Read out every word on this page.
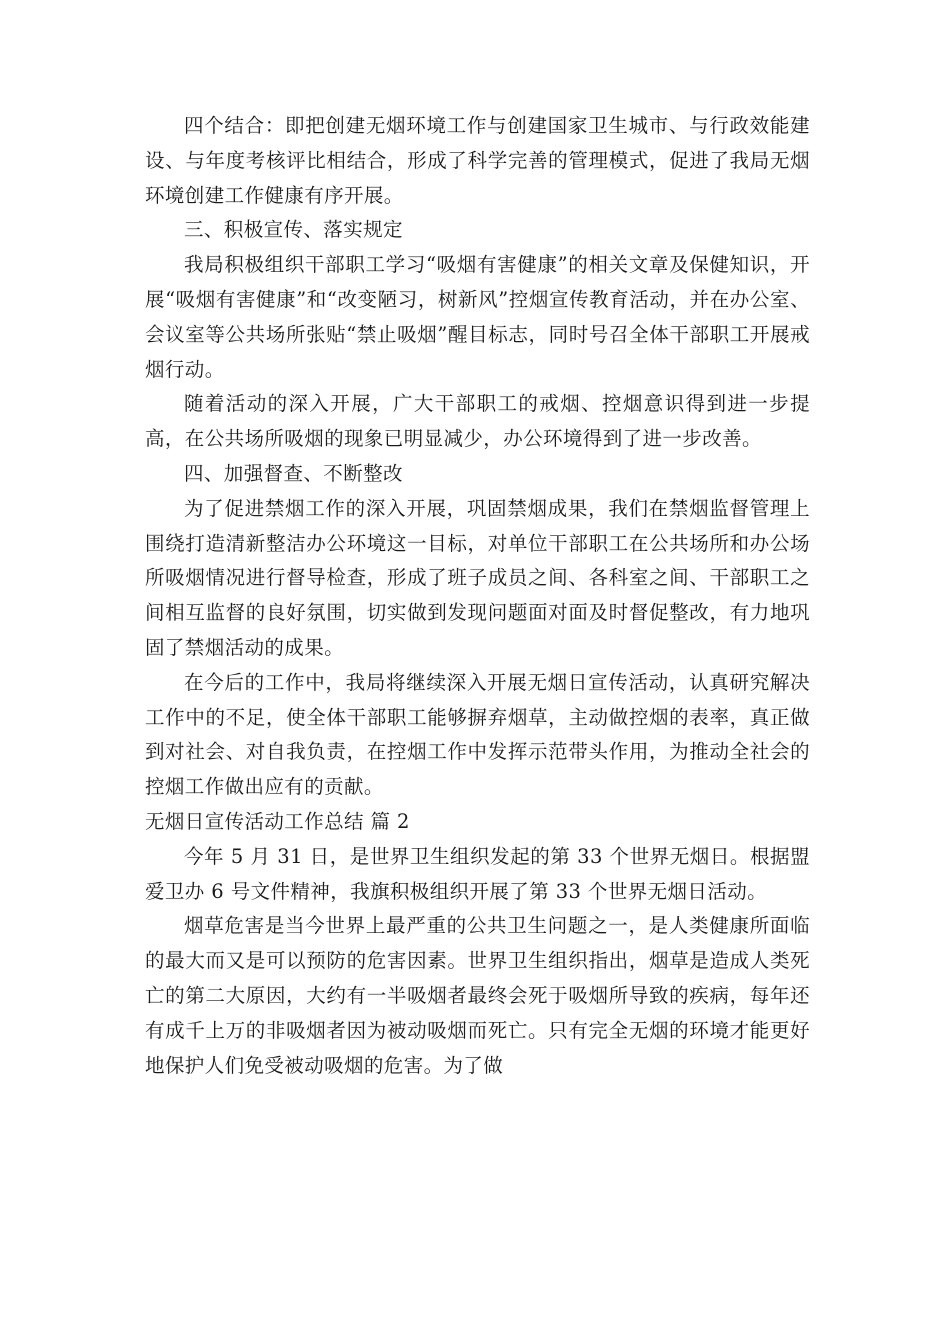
四个结合：即把创建无烟环境工作与创建国家卫生城市、与行政效能建设、与年度考核评比相结合，形成了科学完善的管理模式，促进了我局无烟环境创建工作健康有序开展。

三、积极宣传、落实规定

我局积极组织干部职工学习“吸烟有害健康”的相关文章及保健知识，开展“吸烟有害健康”和“改变陋习，树新风”控烟宣传教育活动，并在办公室、会议室等公共场所张贴“禁止吸烟”醒目标志，同时号召全体干部职工开展戒烟行动。

随着活动的深入开展，广大干部职工的戒烟、控烟意识得到进一步提高，在公共场所吸烟的现象已明显减少，办公环境得到了进一步改善。

四、加强督查、不断整改

为了促进禁烟工作的深入开展，巩固禁烟成果，我们在禁烟监督管理上围绕打造清新整洁办公环境这一目标，对单位干部职工在公共场所和办公场所吸烟情况进行督导检查，形成了班子成员之间、各科室之间、干部职工之间相互监督的良好氛围，切实做到发现问题面对面及时督促整改，有力地巩固了禁烟活动的成果。

在今后的工作中，我局将继续深入开展无烟日宣传活动，认真研究解决工作中的不足，使全体干部职工能够摒弃烟草，主动做控烟的表率，真正做到对社会、对自我负责，在控烟工作中发挥示范带头作用，为推动全社会的控烟工作做出应有的贡献。

无烟日宣传活动工作总结 篇 2

今年 5 月 31 日，是世界卫生组织发起的第 33 个世界无烟日。根据盟爱卫办 6 号文件精神，我旗积极组织开展了第 33 个世界无烟日活动。

烟草危害是当今世界上最严重的公共卫生问题之一，是人类健康所面临的最大而又是可以预防的危害因素。世界卫生组织指出，烟草是造成人类死亡的第二大原因，大约有一半吸烟者最终会死于吸烟所导致的疾病，每年还有成千上万的非吸烟者因为被动吸烟而死亡。只有完全无烟的环境才能更好地保护人们免受被动吸烟的危害。为了做
